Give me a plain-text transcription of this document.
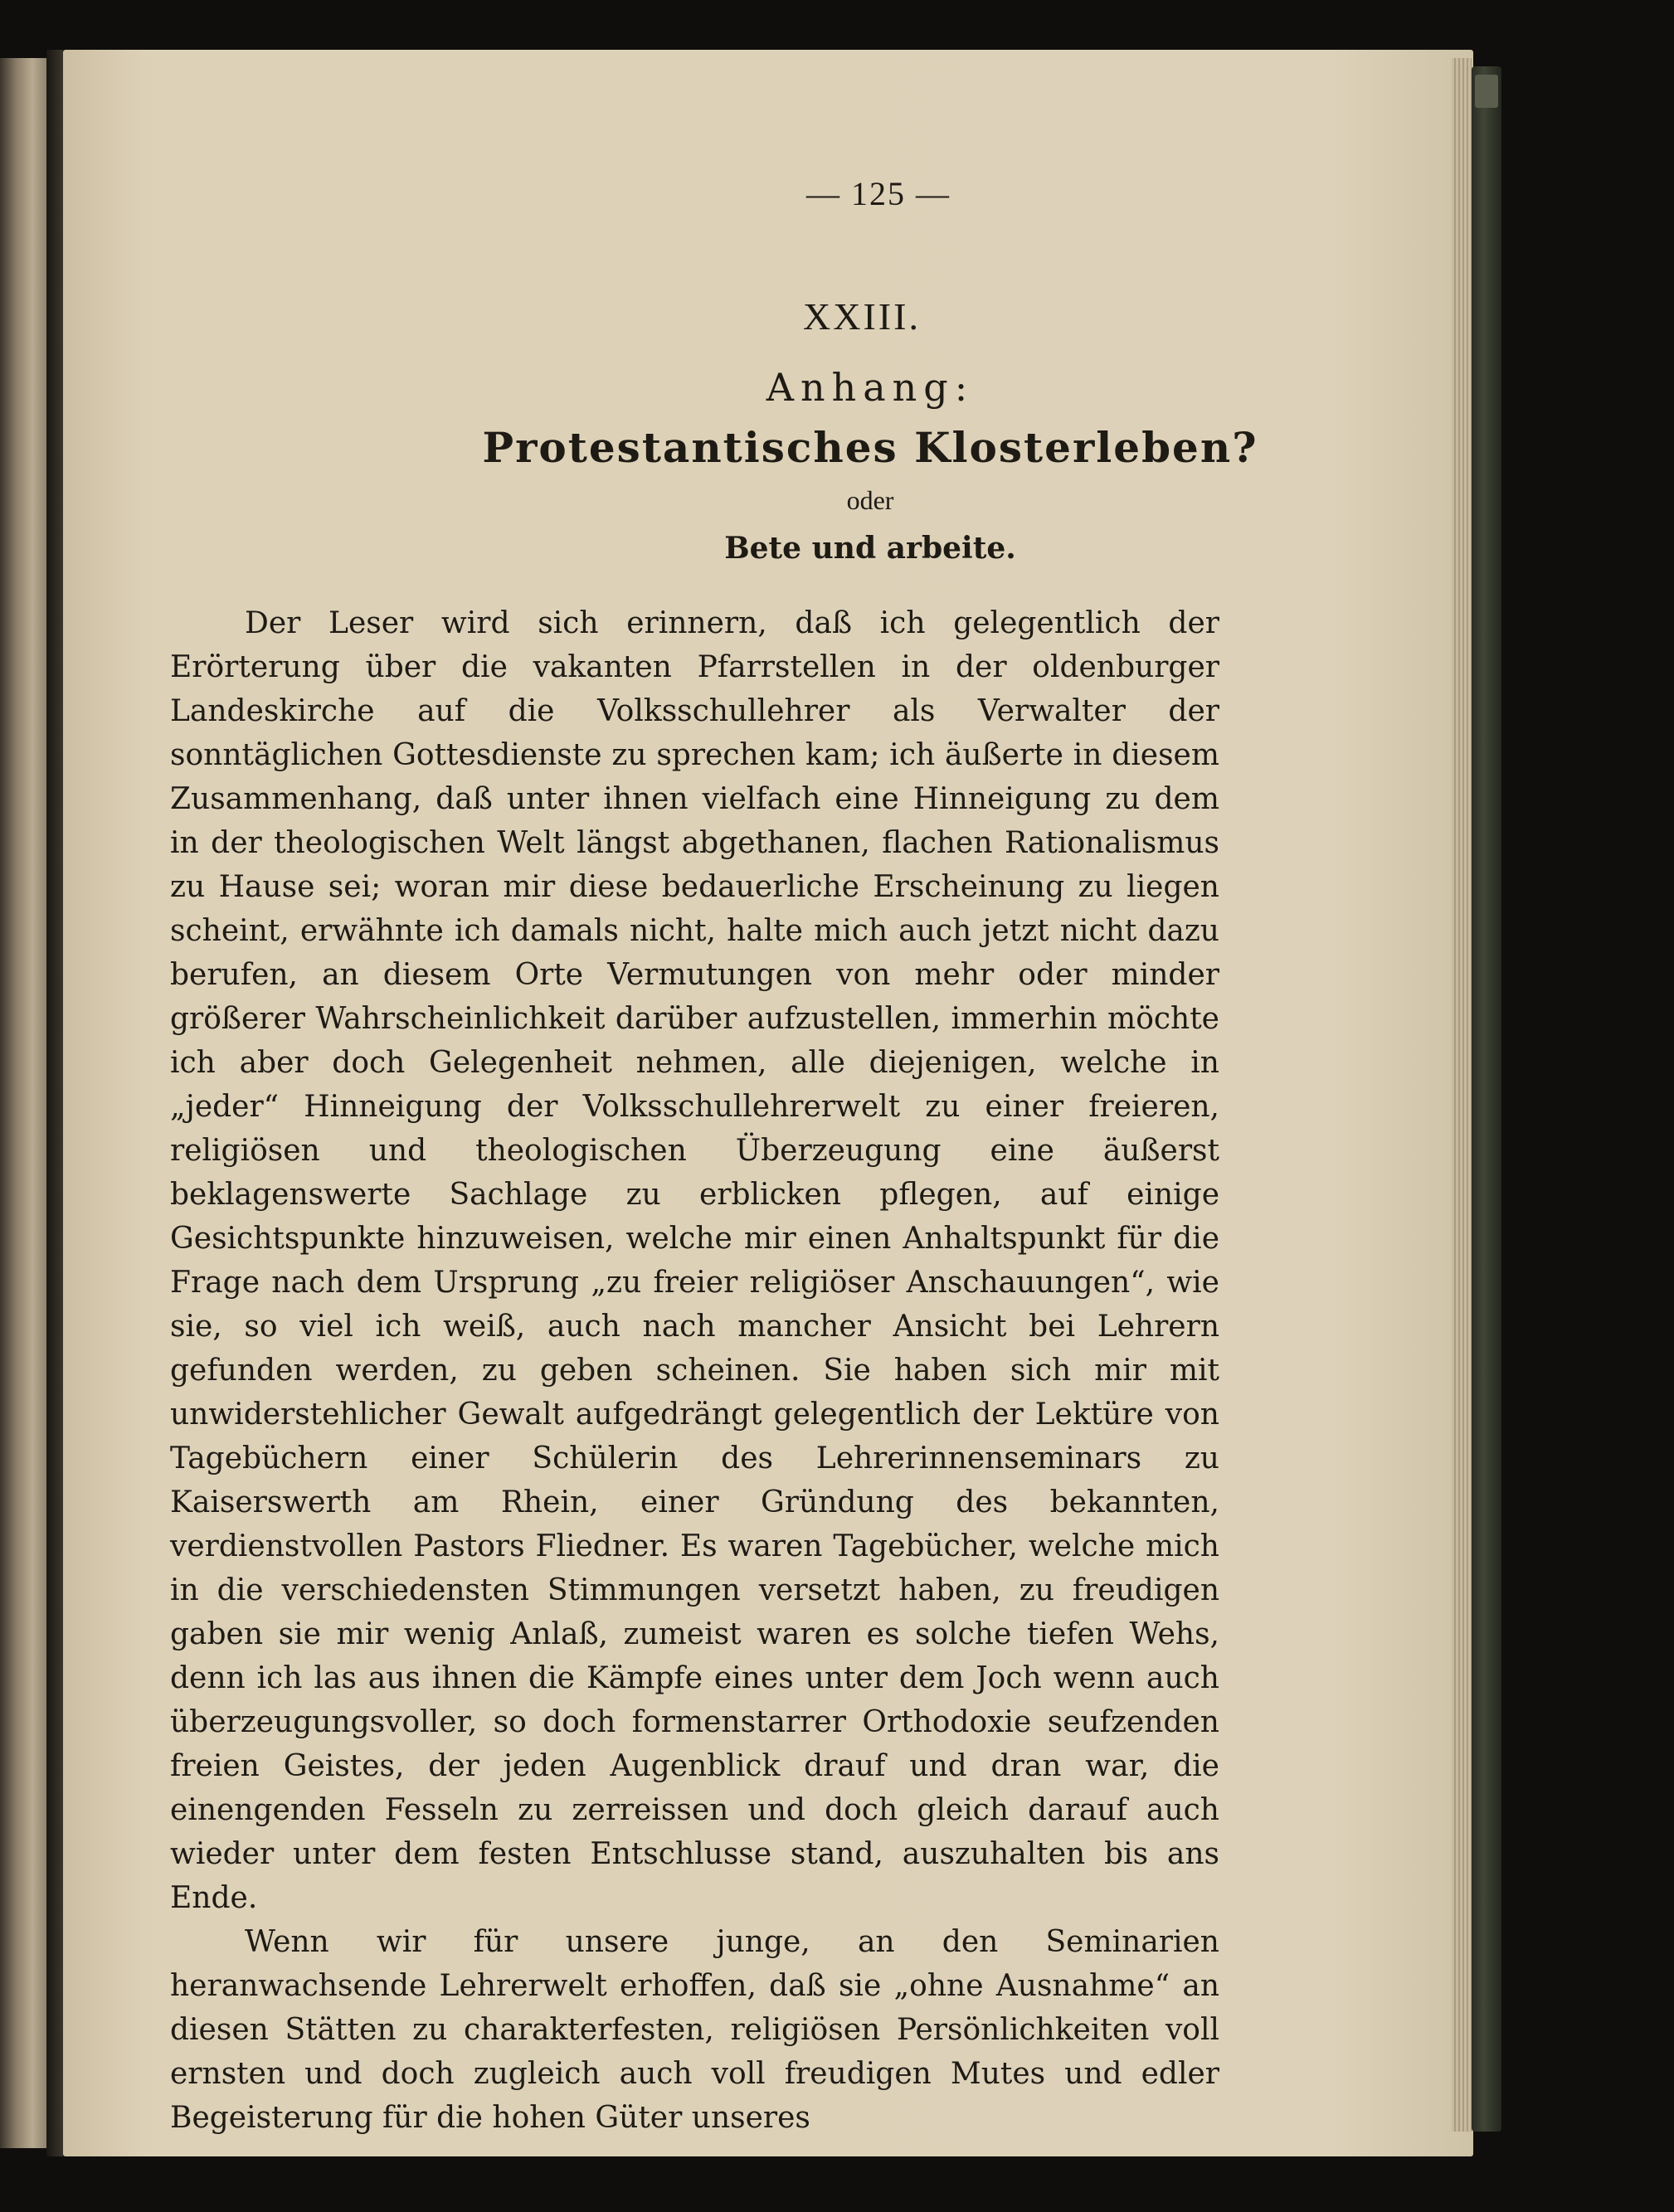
— 125 —
XXIII.
Anhang:
Protestantisches Klosterleben?
oder
Bete und arbeite.

Der Leser wird sich erinnern, daß ich gelegentlich der Erörterung über die vakanten Pfarrstellen in der oldenburger Landeskirche auf die Volksschullehrer als Verwalter der sonntäglichen Gottesdienste zu sprechen kam; ich äußerte in diesem Zusammenhang, daß unter ihnen vielfach eine Hinneigung zu dem in der theologischen Welt längst abgethanen, flachen Rationalismus zu Hause sei; woran mir diese bedauerliche Erscheinung zu liegen scheint, erwähnte ich damals nicht, halte mich auch jetzt nicht dazu berufen, an diesem Orte Vermutungen von mehr oder minder größerer Wahrscheinlichkeit darüber aufzustellen, immerhin möchte ich aber doch Gelegenheit nehmen, alle diejenigen, welche in „jeder“ Hinneigung der Volksschullehrerwelt zu einer freieren, religiösen und theologischen Überzeugung eine äußerst beklagenswerte Sachlage zu erblicken pflegen, auf einige Gesichtspunkte hinzuweisen, welche mir einen Anhaltspunkt für die Frage nach dem Ursprung „zu freier religiöser Anschauungen“, wie sie, so viel ich weiß, auch nach mancher Ansicht bei Lehrern gefunden werden, zu geben scheinen. Sie haben sich mir mit unwiderstehlicher Gewalt aufgedrängt gelegentlich der Lektüre von Tagebüchern einer Schülerin des Lehrerinnenseminars zu Kaiserswerth am Rhein, einer Gründung des bekannten, verdienstvollen Pastors Fliedner. Es waren Tagebücher, welche mich in die verschiedensten Stimmungen versetzt haben, zu freudigen gaben sie mir wenig Anlaß, zumeist waren es solche tiefen Wehs, denn ich las aus ihnen die Kämpfe eines unter dem Joch wenn auch überzeugungsvoller, so doch formenstarrer Orthodoxie seufzenden freien Geistes, der jeden Augenblick drauf und dran war, die einengenden Fesseln zu zerreissen und doch gleich darauf auch wieder unter dem festen Entschlusse stand, auszuhalten bis ans Ende.

Wenn wir für unsere junge, an den Seminarien heranwachsende Lehrerwelt erhoffen, daß sie „ohne Ausnahme“ an diesen Stätten zu charakterfesten, religiösen Persönlichkeiten voll ernsten und doch zugleich auch voll freudigen Mutes und edler Begeisterung für die hohen Güter unseres
